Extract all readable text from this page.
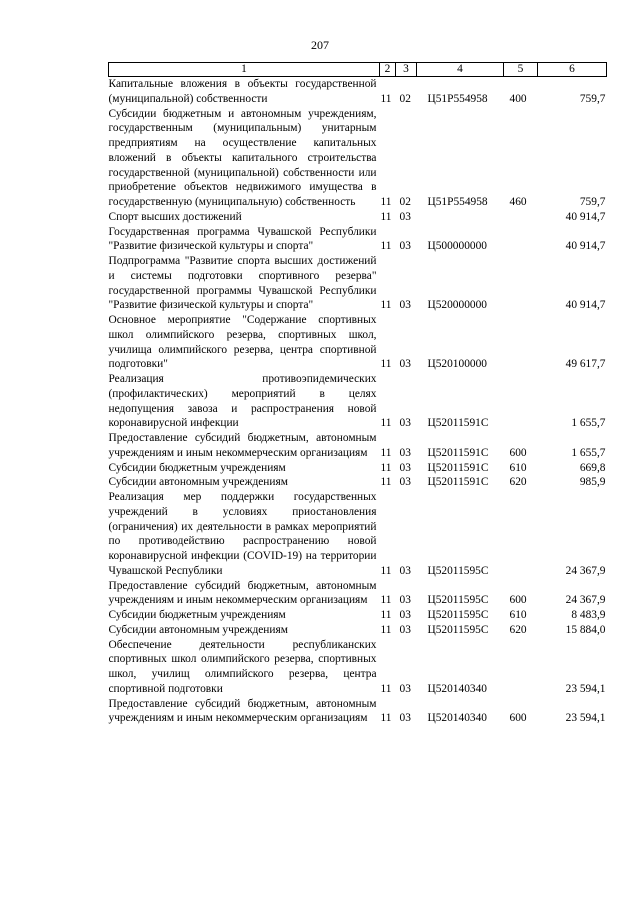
207
1	2	3	4	5	6
Капитальные вложения в объекты государственной (муниципальной) собственности	11	02	Ц51Р554958	400	759,7
Субсидии бюджетным и автономным учреждениям, государственным (муниципальным) унитарным предприятиям на осуществление капитальных вложений в объекты капитального строительства государственной (муниципальной) собственности или приобретение объектов недвижимого имущества в государственную (муниципальную) собственность	11	02	Ц51Р554958	460	759,7
Спорт высших достижений	11	03			40 914,7
Государственная программа Чувашской Республики "Развитие физической культуры и спорта"	11	03	Ц500000000		40 914,7
Подпрограмма "Развитие спорта высших достижений и системы подготовки спортивного резерва" государственной программы Чувашской Республики "Развитие физической культуры и спорта"	11	03	Ц520000000		40 914,7
Основное мероприятие "Содержание спортивных школ олимпийского резерва, спортивных школ, училища олимпийского резерва, центра спортивной подготовки"	11	03	Ц520100000		49 617,7
Реализация противоэпидемических (профилактических) мероприятий в целях недопущения завоза и распространения новой коронавирусной инфекции	11	03	Ц52011591С		1 655,7
Предоставление субсидий бюджетным, автономным учреждениям и иным некоммерческим организациям	11	03	Ц52011591С	600	1 655,7
Субсидии бюджетным учреждениям	11	03	Ц52011591С	610	669,8
Субсидии автономным учреждениям	11	03	Ц52011591С	620	985,9
Реализация мер поддержки государственных учреждений в условиях приостановления (ограничения) их деятельности в рамках мероприятий по противодействию распространению новой коронавирусной инфекции (COVID-19) на территории Чувашской Республики	11	03	Ц52011595С		24 367,9
Предоставление субсидий бюджетным, автономным учреждениям и иным некоммерческим организациям	11	03	Ц52011595С	600	24 367,9
Субсидии бюджетным учреждениям	11	03	Ц52011595С	610	8 483,9
Субсидии автономным учреждениям	11	03	Ц52011595С	620	15 884,0
Обеспечение деятельности республиканских спортивных школ олимпийского резерва, спортивных школ, училищ олимпийского резерва, центра спортивной подготовки	11	03	Ц520140340		23 594,1
Предоставление субсидий бюджетным, автономным учреждениям и иным некоммерческим организациям	11	03	Ц520140340	600	23 594,1
